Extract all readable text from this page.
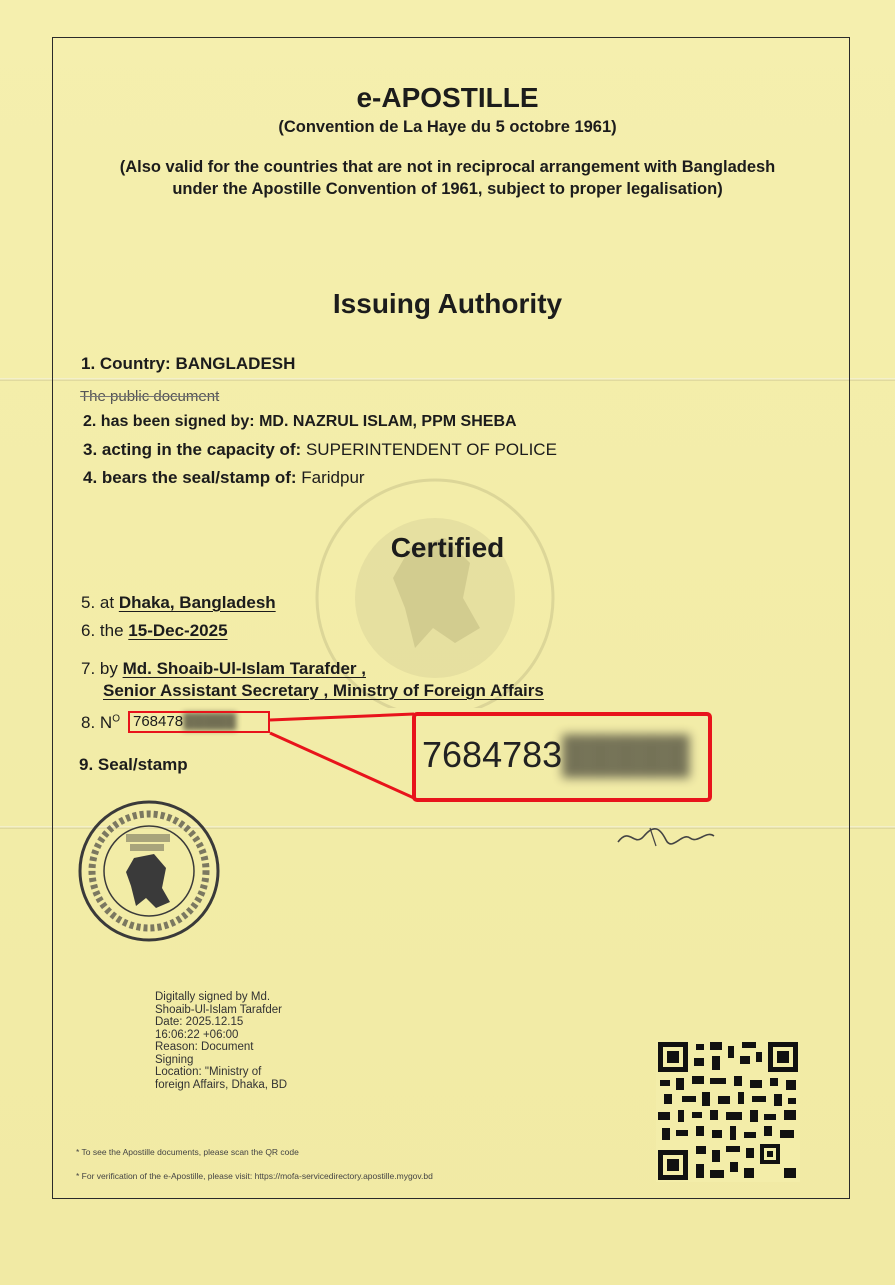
e-APOSTILLE
(Convention de La Haye du 5 octobre 1961)
(Also valid for the countries that are not in reciprocal arrangement with Bangladesh
under the Apostille Convention of 1961, subject to proper legalisation)
Issuing Authority
1. Country: BANGLADESH
The public document
2. has been signed by: MD. NAZRUL ISLAM, PPM SHEBA
3. acting in the capacity of: SUPERINTENDENT OF POLICE
4. bears the seal/stamp of: Faridpur
Certified
5. at Dhaka, Bangladesh
6. the 15-Dec-2025
7. by Md. Shoaib-Ul-Islam Tarafder ,
Senior Assistant Secretary , Ministry of Foreign Affairs
8. $N^O$ 768478█████
7684783█████
9. Seal/stamp
Digitally signed by Md.
Shoaib-Ul-Islam Tarafder
Date: 2025.12.15
16:06:22 +06:00
Reason: Document
Signing
Location: "Ministry of
foreign Affairs, Dhaka, BD
* To see the Apostille documents, please scan the QR code
* For verification of the e-Apostille, please visit: https://mofa-servicedirectory.apostille.mygov.bd
